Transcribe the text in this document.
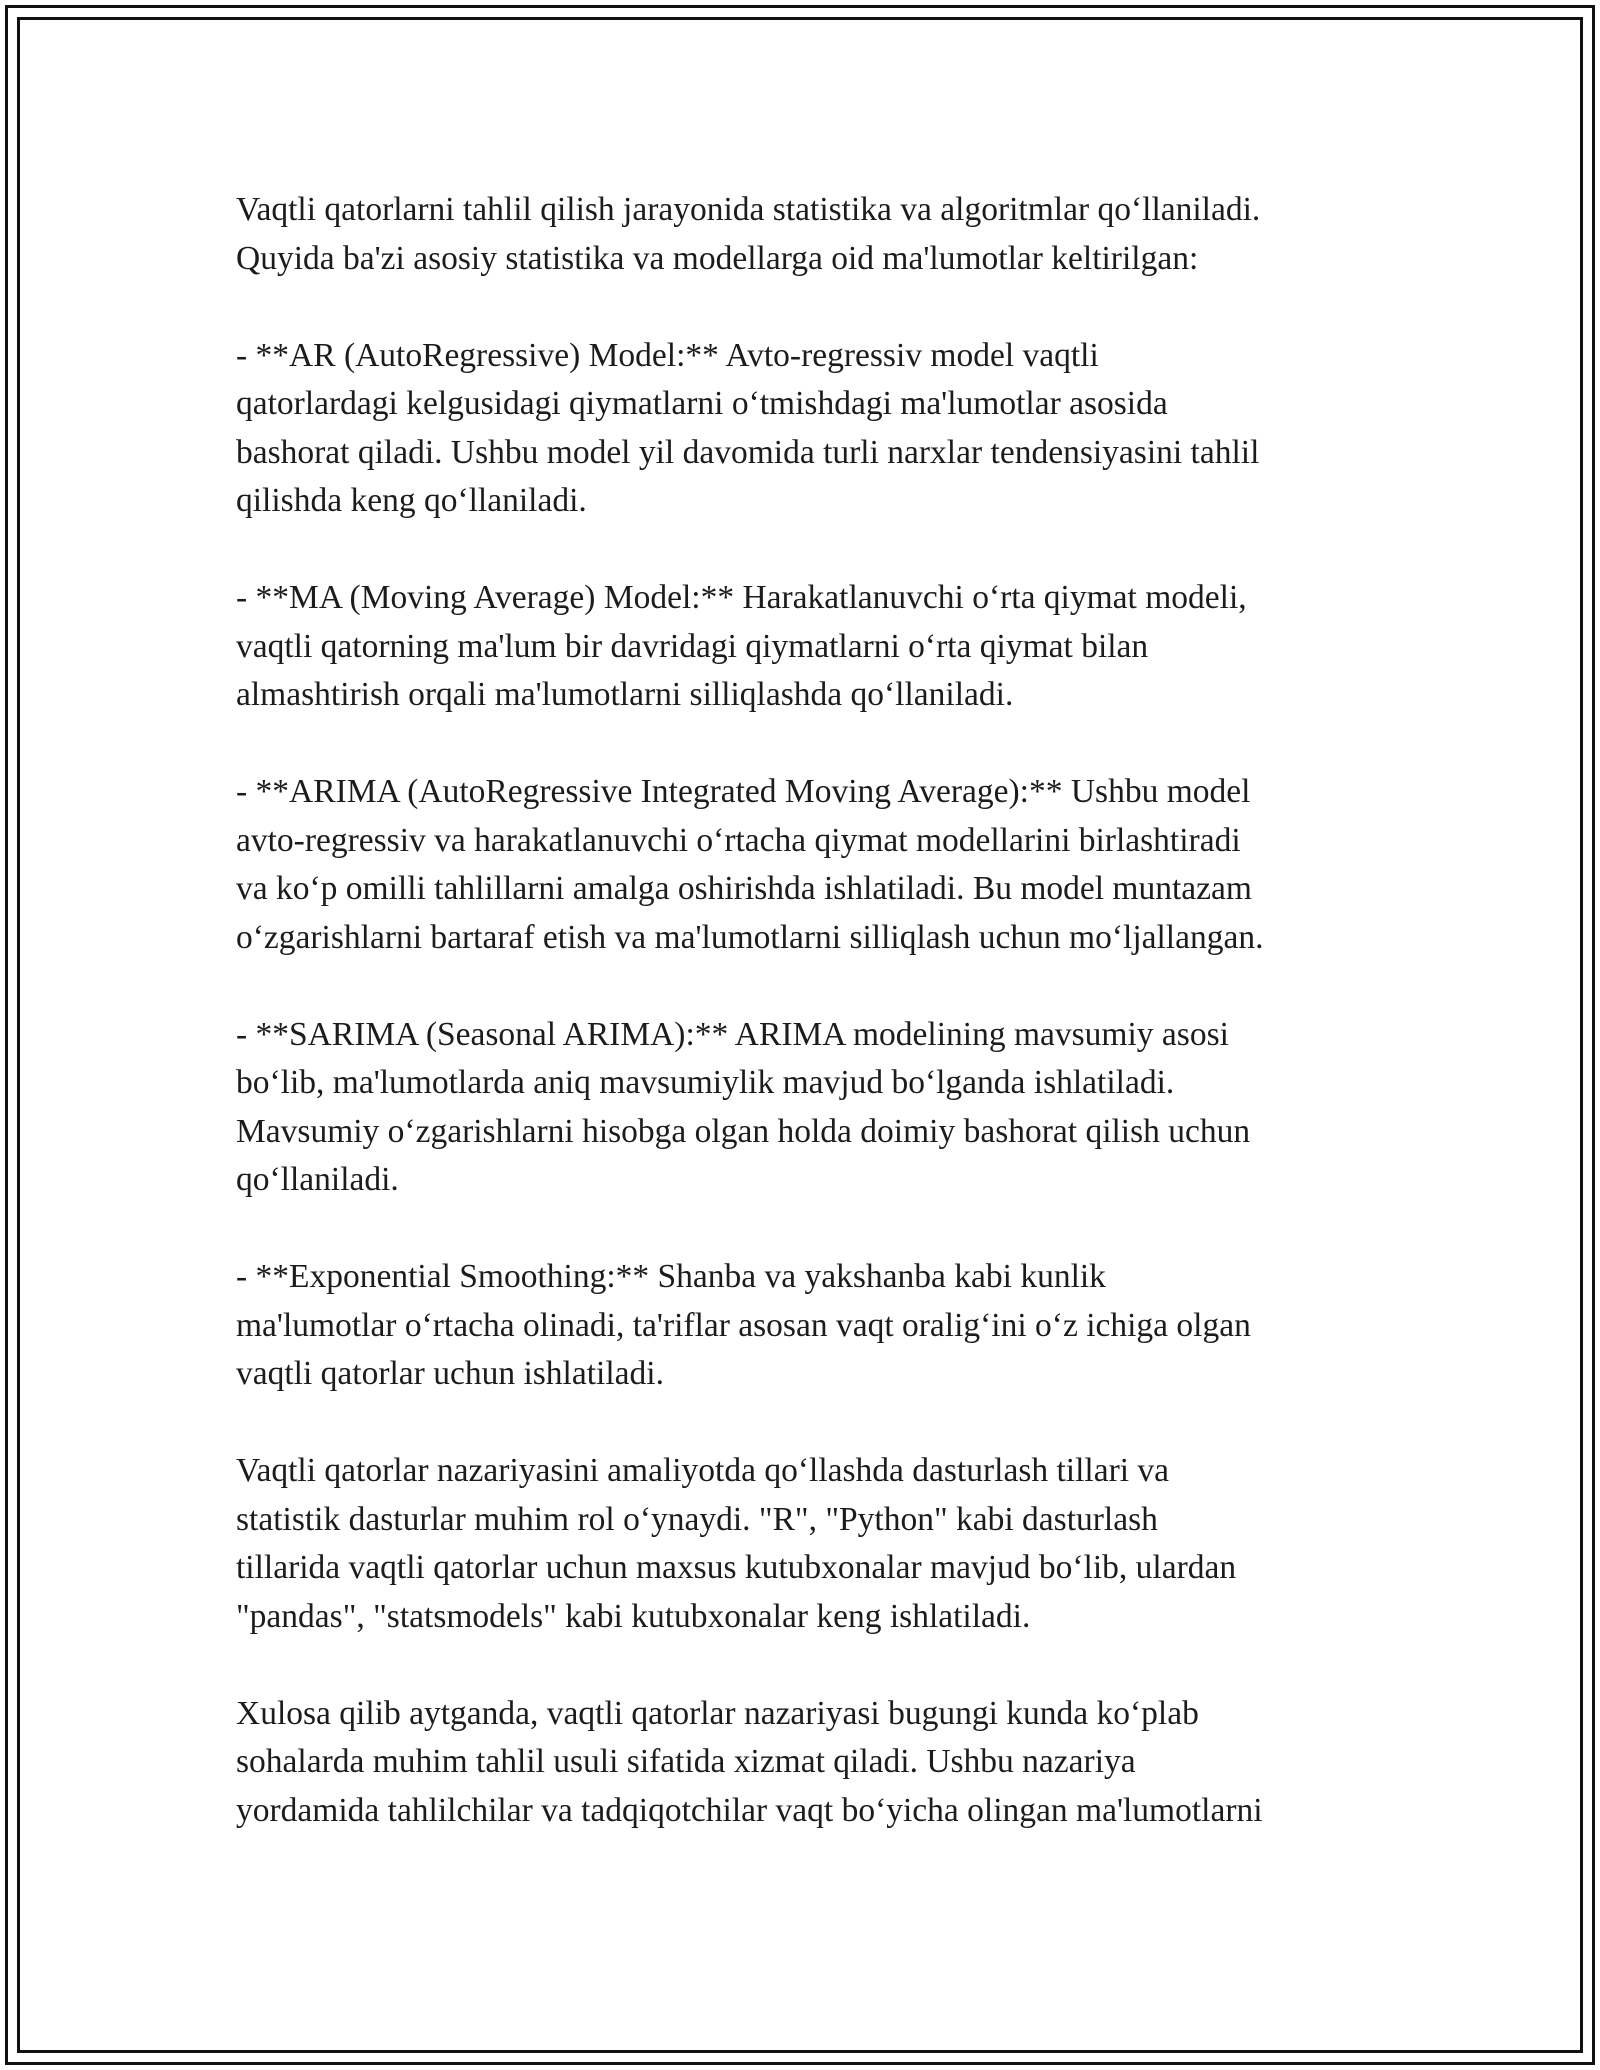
Vaqtli qatorlarni tahlil qilish jarayonida statistika va algoritmlar qo‘llaniladi.
Quyida ba'zi asosiy statistika va modellarga oid ma'lumotlar keltirilgan:

- **AR (AutoRegressive) Model:** Avto-regressiv model vaqtli
qatorlardagi kelgusidagi qiymatlarni o‘tmishdagi ma'lumotlar asosida
bashorat qiladi. Ushbu model yil davomida turli narxlar tendensiyasini tahlil
qilishda keng qo‘llaniladi.

- **MA (Moving Average) Model:** Harakatlanuvchi o‘rta qiymat modeli,
vaqtli qatorning ma'lum bir davridagi qiymatlarni o‘rta qiymat bilan
almashtirish orqali ma'lumotlarni silliqlashda qo‘llaniladi.

- **ARIMA (AutoRegressive Integrated Moving Average):** Ushbu model
avto-regressiv va harakatlanuvchi o‘rtacha qiymat modellarini birlashtiradi
va ko‘p omilli tahlillarni amalga oshirishda ishlatiladi. Bu model muntazam
o‘zgarishlarni bartaraf etish va ma'lumotlarni silliqlash uchun mo‘ljallangan.

- **SARIMA (Seasonal ARIMA):** ARIMA modelining mavsumiy asosi
bo‘lib, ma'lumotlarda aniq mavsumiylik mavjud bo‘lganda ishlatiladi.
Mavsumiy o‘zgarishlarni hisobga olgan holda doimiy bashorat qilish uchun
qo‘llaniladi.

- **Exponential Smoothing:** Shanba va yakshanba kabi kunlik
ma'lumotlar o‘rtacha olinadi, ta'riflar asosan vaqt oralig‘ini o‘z ichiga olgan
vaqtli qatorlar uchun ishlatiladi.

Vaqtli qatorlar nazariyasini amaliyotda qo‘llashda dasturlash tillari va
statistik dasturlar muhim rol o‘ynaydi. "R", "Python" kabi dasturlash
tillarida vaqtli qatorlar uchun maxsus kutubxonalar mavjud bo‘lib, ulardan
"pandas", "statsmodels" kabi kutubxonalar keng ishlatiladi.

Xulosa qilib aytganda, vaqtli qatorlar nazariyasi bugungi kunda ko‘plab
sohalarda muhim tahlil usuli sifatida xizmat qiladi. Ushbu nazariya
yordamida tahlilchilar va tadqiqotchilar vaqt bo‘yicha olingan ma'lumotlarni
